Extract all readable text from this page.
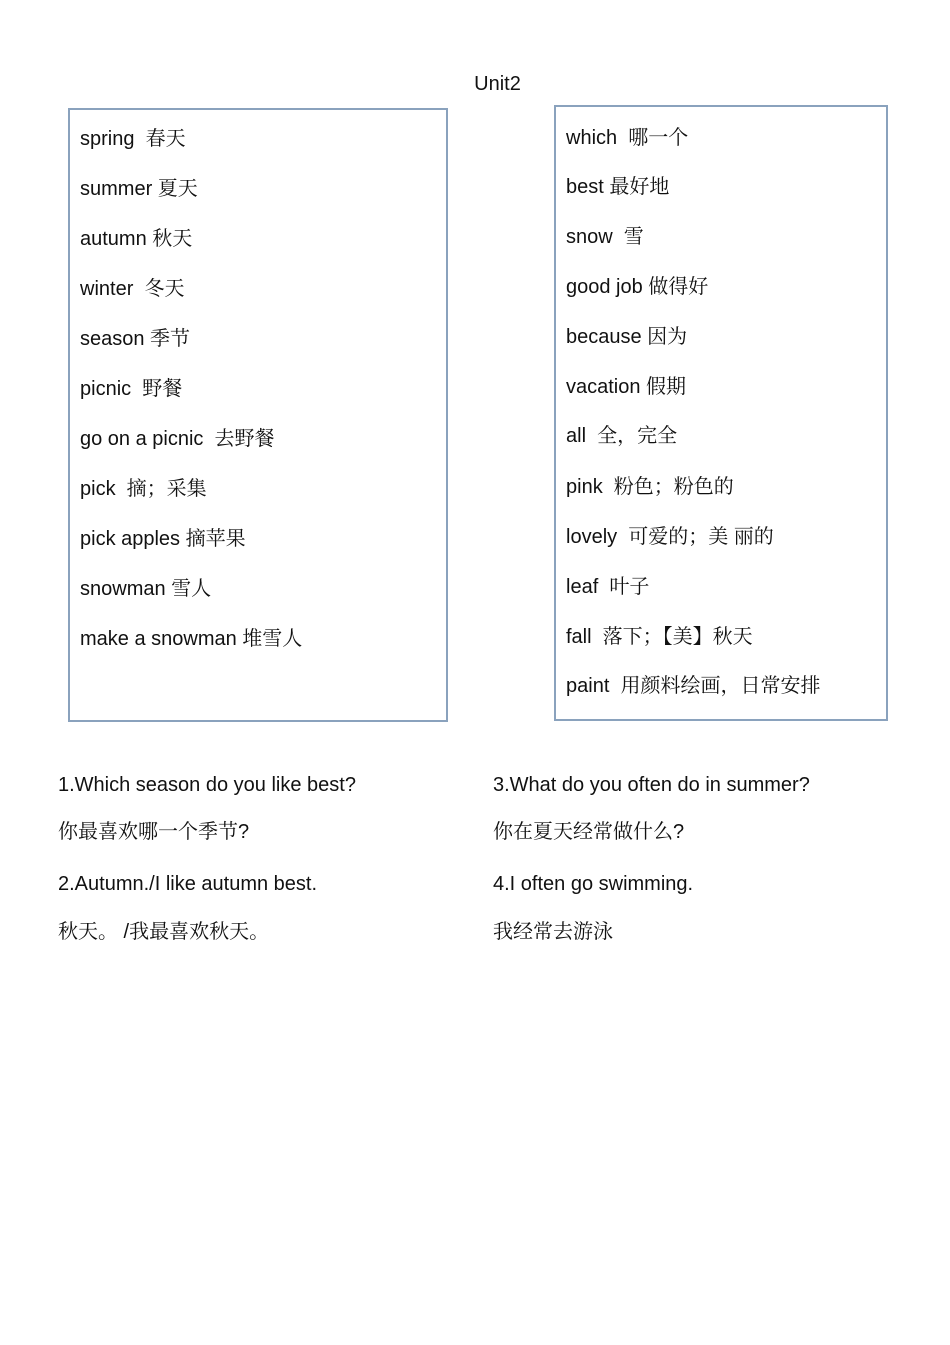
Unit2
spring  春天
summer 夏天
autumn 秋天
winter  冬天
season 季节
picnic  野餐
go on a picnic  去野餐
pick  摘；采集
pick apples 摘苹果
snowman 雪人
make a snowman 堆雪人
which  哪一个
best 最好地
snow  雪
good job 做得好
because 因为
vacation 假期
all  全，完全
pink  粉色；粉色的
lovely  可爱的；美 丽的
leaf  叶子
fall  落下；【美】秋天
paint  用颜料绘画，日常安排
1.Which season do you like best?
你最喜欢哪一个季节?
2.Autumn./I like autumn best.
秋天。 /我最喜欢秋天。
3.What do you often do in summer?
你在夏天经常做什么?
4.I often go swimming.
我经常去游泳
